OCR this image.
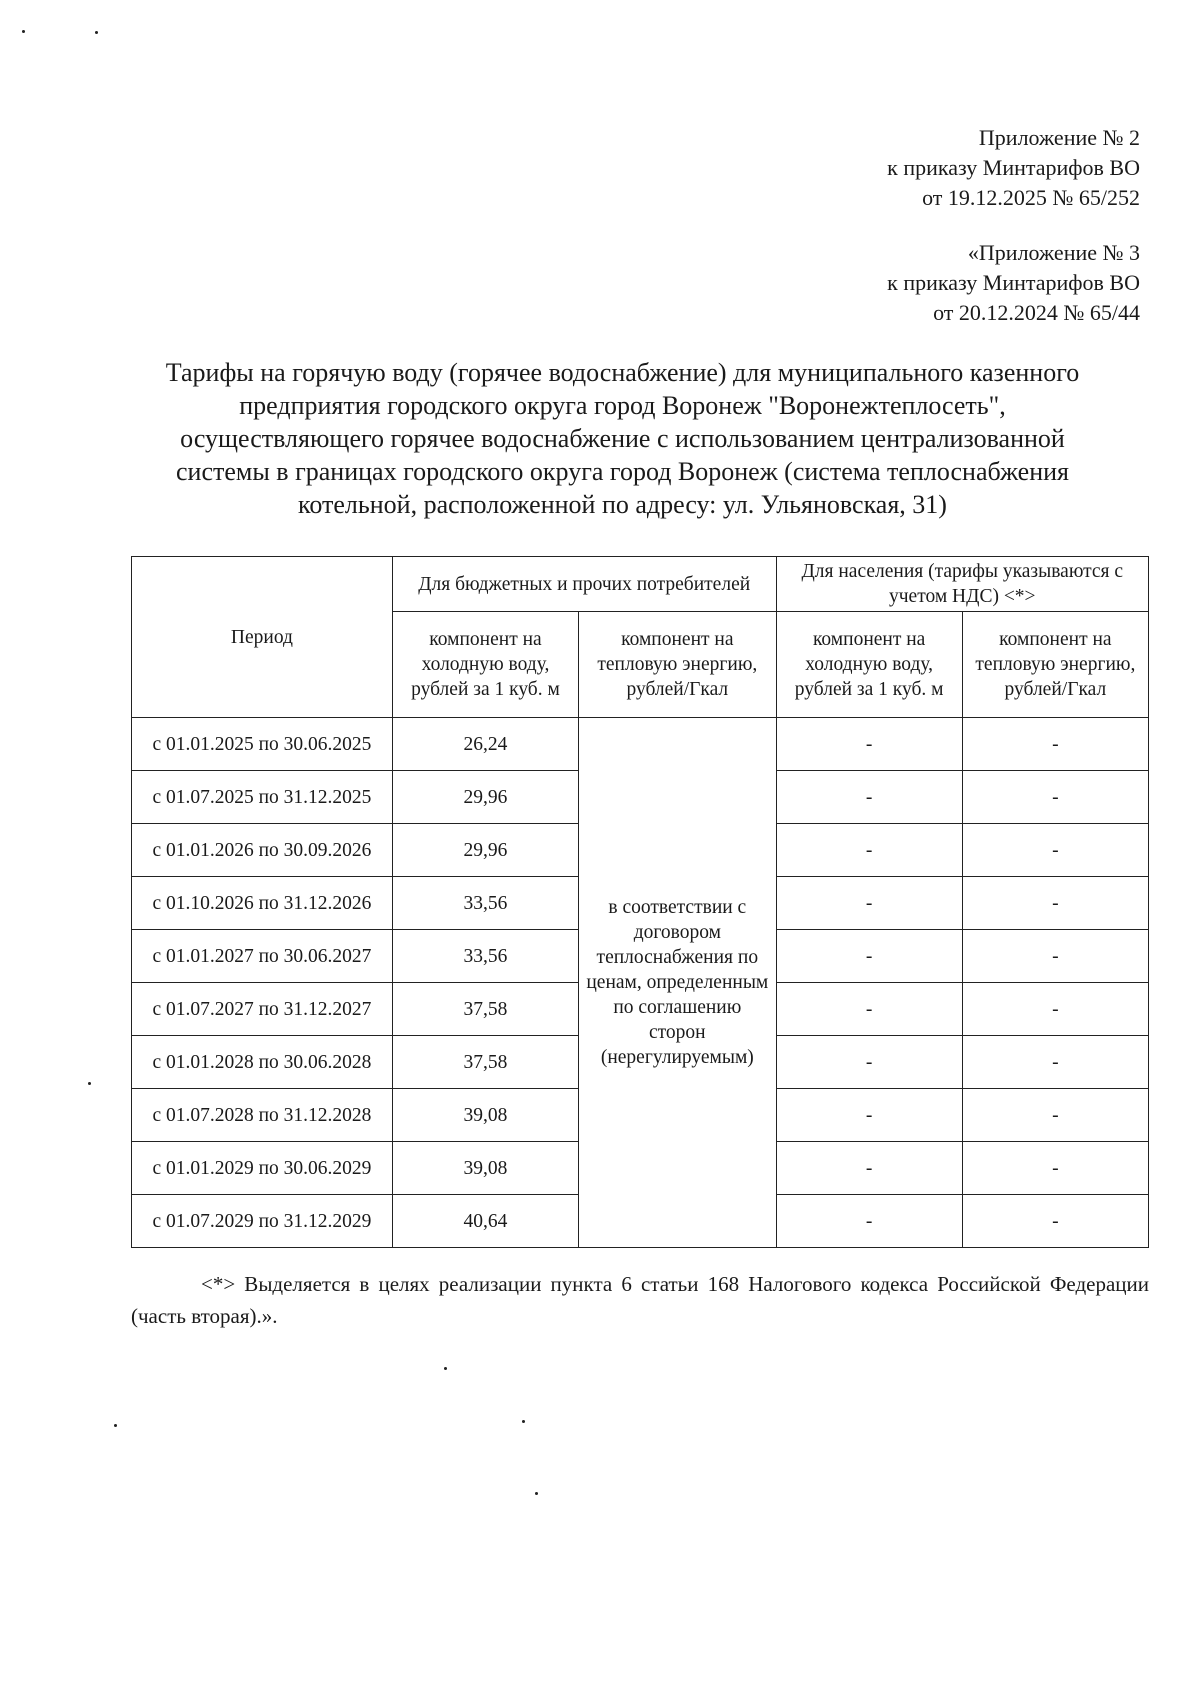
Приложение № 2
к приказу Минтарифов ВО
от 19.12.2025 № 65/252
«Приложение № 3
к приказу Минтарифов ВО
от 20.12.2024 № 65/44
Тарифы на горячую воду (горячее водоснабжение) для муниципального казенного
предприятия городского округа город Воронеж "Воронежтеплосеть",
осуществляющего горячее водоснабжение с использованием централизованной
системы в границах городского округа город Воронеж (система теплоснабжения
котельной, расположенной по адресу: ул. Ульяновская, 31)
Период	Для бюджетных и прочих потребителей		Для населения (тарифы указываются с учетом НДС) <*>	
	компонент на холодную воду, рублей за 1 куб. м	компонент на тепловую энергию, рублей/Гкал	компонент на холодную воду, рублей за 1 куб. м	компонент на тепловую энергию, рублей/Гкал
с 01.01.2025 по 30.06.2025	26,24	в соответствии с договором теплоснабжения по ценам, определенным по соглашению сторон (нерегулируемым)	-	-
с 01.07.2025 по 31.12.2025	29,96		-	-
с 01.01.2026 по 30.09.2026	29,96		-	-
с 01.10.2026 по 31.12.2026	33,56		-	-
с 01.01.2027 по 30.06.2027	33,56		-	-
с 01.07.2027 по 31.12.2027	37,58		-	-
с 01.01.2028 по 30.06.2028	37,58		-	-
с 01.07.2028 по 31.12.2028	39,08		-	-
с 01.01.2029 по 30.06.2029	39,08		-	-
с 01.07.2029 по 31.12.2029	40,64		-	-
<*> Выделяется в целях реализации пункта 6 статьи 168 Налогового кодекса Российской Федерации (часть вторая).».
